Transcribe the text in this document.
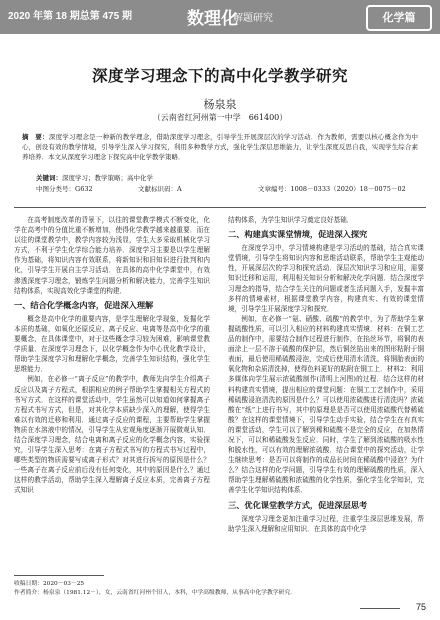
2020 年第 18 期总第 475 期	数理化
解题研究	化学篇
深度学习理念下的高中化学教学研究
杨泉泉
（云南省红河州第一中学　661400）
摘　要：深度学习理念是一种新的教学理念，借助深度学习理念，引导学生开展深层次的学习活动．作为教师，需要以核心概念作为中心，创设有效的教学情境，引导学生深入学习探究，利用多种教学方式，强化学生深层思维能力，让学生深度反思自我，实现学生综合素养培养．本文从深度学习理念下探究高中化学教学策略．
关键词：深度学习；教学策略；高中化学
中图分类号：G632	文献标识码：A	文章编号：1008－0333（2020）18－0075－02

在高考制度改革的背景下，以往的课堂教学模式不断变化，化学在高考中的分值比重不断增加，使得化学教学越来越重要．而在以往的课堂教学中，教学内容较为浅显，学生大多采取机械化学习方式，不利于学生化学综合能力培养．深度学习主要是以学生理解作为基础，将知识内容有效联系，将新知识和旧知识进行批判和内化，引导学生开展自主学习活动．在具体的高中化学课堂中，有效渗透深度学习理念，锻炼学生问题分析和解决能力，完善学生知识结构体系，实现高效化学课堂的构建．

一、结合化学概念内容，促进深入理解

概念是高中化学的重要内容，是学生理解化学现象，发掘化学本质的基础，如氧化还原反应、离子反应、电离等是高中化学的重要概念，在具体课堂中，对于这些概念学习较为困难，影响课堂教学质量．在深度学习理念下，以化学概念作为中心优化教学设计，帮助学生深度学习和理解化学概念，完善学生知识结构，强化学生思维能力．

例如，在必修一“离子反应”的教学中，教师先向学生介绍离子反应以及离子方程式，根据相应的例子帮助学生掌握相关方程式的书写方式．在这样的课堂活动中，学生虽然可以知道如何掌握离子方程式书写方式，但是，对其化学本质缺少深入的理解，使得学生难以有效的迁移和利用．通过离子反应的课程，主要帮助学生掌握物质在水溶液中的情况，引导学生从宏观角度逐渐开展微观认知．结合深度学习理念，结合电离和离子反应的化学概念内容，实验探究，引导学生深入思考：在离子方程式书写的方程式书写过程中，哪些类型的物质需要写成离子形式？对其进行拆写的原因是什么？一些离子在离子反应前后没有任何变化，其中的原因是什么？通过这样的教学活动，帮助学生深入理解离子反应本质，完善离子方程式知识

结构体系，为学生知识学习奠定良好基础．

二、构建真实课堂情境，促进深入探究

在深度学习中，学习情境构建是学习活动的基础，结合真实课堂情境，引导学生将知识内容和思维活动联系，帮助学生主观能动性，开展深层次的学习和探究活动．深层次知识学习和应用，需要知识迁移和运用，利用相关知识分析和解决化学问题．结合深度学习理念的指导，结合学生关注的问题或者生活问题入手，发掘丰富多样的情境素材，根据课堂教学内容，构建真实、有效的课堂情境，引导学生开展深度学习和探究．

例如，在必修一“氨、硝酸、硫酸”的教学中，为了帮助学生掌握硫酸性质，可以引入相应的材料构建真实情境．材料：在铜工艺品的制作中，需要结合制作过程进行制作，在掐丝环节，将铜的表面涂上一层不溶于硫酸的保护层，然后铜丝掐出来的图形粘附于铜表面，最后使用稀硫酸浸泡，完成后使用清水清洗，将铜胎表面的氧化物和杂质清洗掉，使得色料更好的粘附在铜工上．材料2：利用多媒体向学生展示浓硫酸制作(清明上河图)的过程．结合这样的材料构建真实情境，提出相应的课堂问题：在铜工工艺制作中，采用稀硫酸浸泡清洗的原因是什么？可以使用浓硫酸进行清洗吗？浓硫酸在“纸”上进行书写，其中的原理是是否可以使用浓硫酸代替稀硫酸？在这样的课堂情境下，引导学生动手实验，结合学生在有真实的课堂活动，学生可以了解到稀和硫酸不是完全的反应，在加热情况下，可以和稀硫酸发生反应．同时，学生了解到浓硫酸的吸水性和脱水性，可以有效的理解浓硫酸．结合课堂中的探究活动，让学生继续思考：是否可以将制作的成品长时间在稀硫酸中浸泡？为什么？结合这样的化学问题，引导学生有效的理解硫酸的性质，深入帮助学生理解稀硫酸和浓硫酸的化学性质，强化学生化学知识，完善学生化学知识结构体系．

三、优化课堂教学方式，促进深层思考

深度学习理念更加注重学习过程，注重学生深层思维发展，帮助学生深入理解和应用知识．在具体的高中化学

收稿日期：2020－03－25
作者简介：杨泉泉（1981.12－），女，云南省红河州个旧人，本科，中学高级教师，从事高中化学教学研究．
75
